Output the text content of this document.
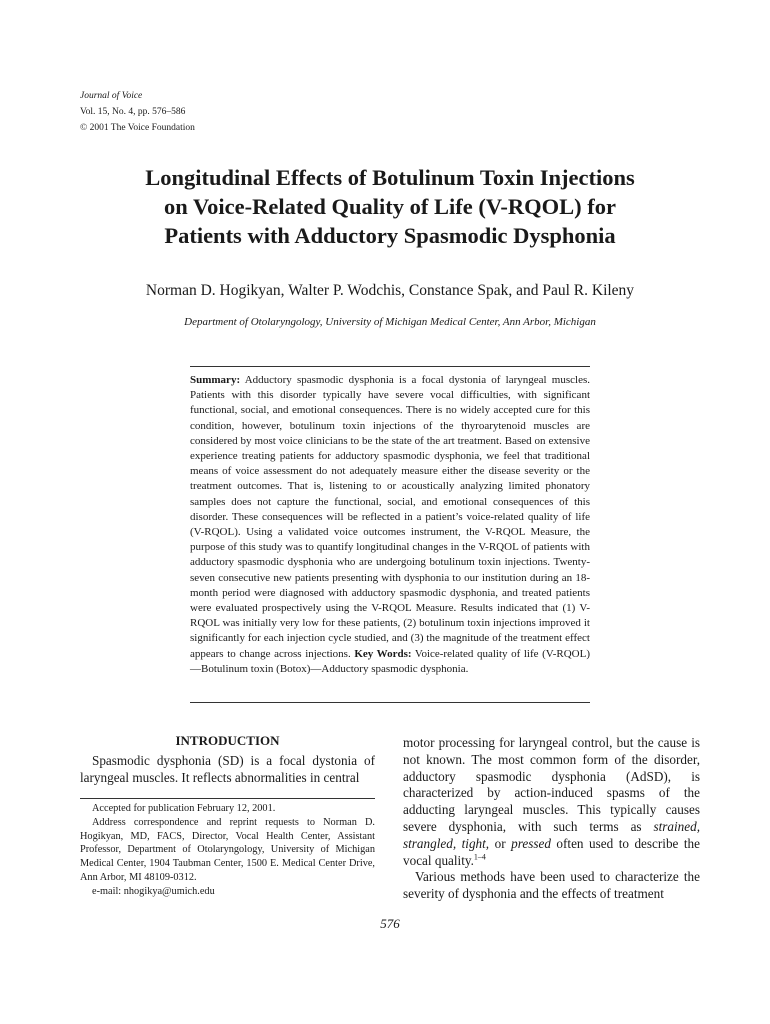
Journal of Voice
Vol. 15, No. 4, pp. 576–586
© 2001 The Voice Foundation
Longitudinal Effects of Botulinum Toxin Injections
on Voice-Related Quality of Life (V-RQOL) for
Patients with Adductory Spasmodic Dysphonia
Norman D. Hogikyan, Walter P. Wodchis, Constance Spak, and Paul R. Kileny
Department of Otolaryngology, University of Michigan Medical Center, Ann Arbor, Michigan
Summary: Adductory spasmodic dysphonia is a focal dystonia of laryngeal muscles. Patients with this disorder typically have severe vocal difficulties, with significant functional, social, and emotional consequences. There is no widely accepted cure for this condition, however, botulinum toxin injections of the thyroarytenoid muscles are considered by most voice clinicians to be the state of the art treatment. Based on extensive experience treating patients for adductory spasmodic dysphonia, we feel that traditional means of voice assessment do not adequately measure either the disease severity or the treatment outcomes. That is, listening to or acoustically analyzing limited phonatory samples does not capture the functional, social, and emotional consequences of this disorder. These consequences will be reflected in a patient’s voice-related quality of life (V-RQOL). Using a validated voice outcomes instrument, the V-RQOL Measure, the purpose of this study was to quantify longitudinal changes in the V-RQOL of patients with adductory spasmodic dysphonia who are undergoing botulinum toxin injections. Twenty-seven consecutive new patients presenting with dysphonia to our institution during an 18-month period were diagnosed with adductory spasmodic dysphonia, and treated patients were evaluated prospectively using the V-RQOL Measure. Results indicated that (1) V-RQOL was initially very low for these patients, (2) botulinum toxin injections improved it significantly for each injection cycle studied, and (3) the magnitude of the treatment effect appears to change across injections. Key Words: Voice-related quality of life (V-RQOL)—Botulinum toxin (Botox)—Adductory spasmodic dysphonia.
INTRODUCTION
Spasmodic dysphonia (SD) is a focal dystonia of laryngeal muscles. It reflects abnormalities in central

Accepted for publication February 12, 2001.

Address correspondence and reprint requests to Norman D. Hogikyan, MD, FACS, Director, Vocal Health Center, Assistant Professor, Department of Otolaryngology, University of Michigan Medical Center, 1904 Taubman Center, 1500 E. Medical Center Drive, Ann Arbor, MI 48109-0312.

e-mail: nhogikya@umich.edu

motor processing for laryngeal control, but the cause is not known. The most common form of the disorder, adductory spasmodic dysphonia (AdSD), is characterized by action-induced spasms of the adducting laryngeal muscles. This typically causes severe dysphonia, with such terms as strained, strangled, tight, or pressed often used to describe the vocal quality.$^{1-4}$

Various methods have been used to characterize the severity of dysphonia and the effects of treatment

576
